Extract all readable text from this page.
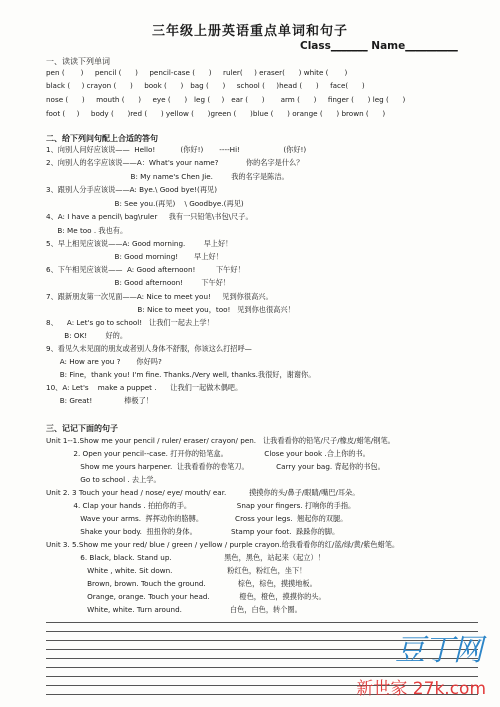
三年级上册英语重点单词和句子
Class_______ Name__________
一、读读下列单词
pen (       )     pencil (      )     pencil-case (      )     ruler(     ) eraser(      ) white (       )
black (     ) crayon (      )     book (      )   bag (      )     school (     )head (      )     face(      )
nose (      )     mouth (      )     eye (      )   leg (     )   ear (      )       arm (      )     finger (      ) leg (      )
foot (     )     body (      )red (      ) yellow (      )green (      )blue (      ) orange (      ) brown (      )
二、给下列问句配上合适的答句
1、向别人问好应该说——  Hello!           (你好!)       ----Hi!                   (你好!)
2、向别人的名字应该说——A：What's your name?            你的名字是什么？
B: My name's Chen Jie.        我的名字是陈洁。
3、跟别人分手应该说——A: Bye.\ Good bye!(再见)
B: See you.(再见)    \ Goodbye.(再见)
4、A: I have a pencil\ bag\ruler     我有一只铅笔\书包\尺子。
B: Me too . 我也有。
5、早上相见应该说——A: Good morning.        早上好！
B: Good morning!       早上好！
6、下午相见应该说——  A: Good afternoon!         下午好！
B: Good afternoon!        下午好！
7、跟新朋友第一次见面——A: Nice to meet you!     见到你很高兴。
B: Nice to meet you，too!   见到你也很高兴！
8、    A: Let's go to school!   让我们一起去上学！
B: OK!        好的。
9、看见久未见面的朋友或者别人身体不舒服，你该这么打招呼—
A: How are you ?       你好吗?
B: Fine，thank you! I'm fine. Thanks./Very well, thanks.我很好，谢谢你。
10、A: Let's    make a puppet .      让我们一起做木偶吧。
B: Great!              棒极了！
三、记记下面的句子
Unit 1--1.Show me your pencil / ruler/ eraser/ crayon/ pen.   让我看看你的铅笔/尺子/橡皮/蜡笔/钢笔。
2. Open your pencil--case. 打开你的铅笔盒。                Close your book .合上你的书。
Show me yours harpener.  让我看看你的卷笔刀。            Carry your bag. 背起你的书包。
Go to school . 去上学。
Unit 2. 3 Touch your head / nose/ eye/ mouth/ ear.          摸摸你的头/鼻子/眼睛/嘴巴/耳朵。
4. Clap your hands . 拍拍你的手。                    Snap your fingers. 打响你的手指。
Wave your arms.  挥挥动你的胳膊。              Cross your legs.  翘起你的双腿。
Shake your body.  扭扭你的身体。               Stamp your foot.  跺跺你的脚。
Unit 3. 5.Show me your red/ blue / green / yellow / purple crayon.给我看看你的红/蓝/绿/黄/紫色蜡笔。
6. Black, black. Stand up.                       黑色，黑色，站起来（起立）！
White , white. Sit down.                        粉红色，粉红色，坐下！
Brown, brown. Touch the ground.              棕色，棕色，摸摸地板。
Orange, orange. Touch your head.             橙色，橙色，摸摸你的头。
White, white. Turn around.                     白色，白色，转个圈。
豆丁网
新世家 27k.com
